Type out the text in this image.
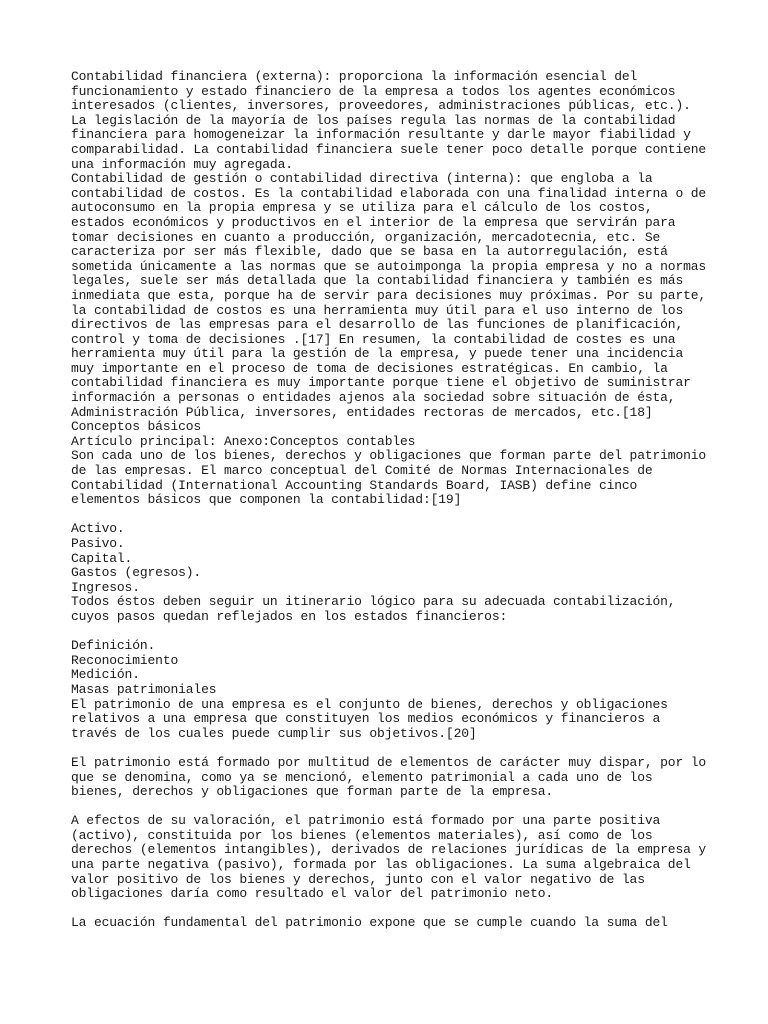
Contabilidad financiera (externa): proporciona la información esencial del
funcionamiento y estado financiero de la empresa a todos los agentes económicos
interesados (clientes, inversores, proveedores, administraciones públicas, etc.).
La legislación de la mayoría de los países regula las normas de la contabilidad
financiera para homogeneizar la información resultante y darle mayor fiabilidad y
comparabilidad. La contabilidad financiera suele tener poco detalle porque contiene
una información muy agregada.
Contabilidad de gestión o contabilidad directiva (interna): que engloba a la
contabilidad de costos. Es la contabilidad elaborada con una finalidad interna o de
autoconsumo en la propia empresa y se utiliza para el cálculo de los costos,
estados económicos y productivos en el interior de la empresa que servirán para
tomar decisiones en cuanto a producción, organización, mercadotecnia, etc. Se
caracteriza por ser más flexible, dado que se basa en la autorregulación, está
sometida únicamente a las normas que se autoimponga la propia empresa y no a normas
legales, suele ser más detallada que la contabilidad financiera y también es más
inmediata que esta, porque ha de servir para decisiones muy próximas. Por su parte,
la contabilidad de costos es una herramienta muy útil para el uso interno de los
directivos de las empresas para el desarrollo de las funciones de planificación,
control y toma de decisiones .[17] En resumen, la contabilidad de costes es una
herramienta muy útil para la gestión de la empresa, y puede tener una incidencia
muy importante en el proceso de toma de decisiones estratégicas. En cambio, la
contabilidad financiera es muy importante porque tiene el objetivo de suministrar
información a personas o entidades ajenos ala sociedad sobre situación de ésta,
Administración Pública, inversores, entidades rectoras de mercados, etc.[18]
Conceptos básicos
Artículo principal: Anexo:Conceptos contables
Son cada uno de los bienes, derechos y obligaciones que forman parte del patrimonio
de las empresas. El marco conceptual del Comité de Normas Internacionales de
Contabilidad (International Accounting Standards Board, IASB) define cinco
elementos básicos que componen la contabilidad:[19]
Activo.
Pasivo.
Capital.
Gastos (egresos).
Ingresos.
Todos éstos deben seguir un itinerario lógico para su adecuada contabilización,
cuyos pasos quedan reflejados en los estados financieros:
Definición.
Reconocimiento
Medición.
Masas patrimoniales
El patrimonio de una empresa es el conjunto de bienes, derechos y obligaciones
relativos a una empresa que constituyen los medios económicos y financieros a
través de los cuales puede cumplir sus objetivos.[20]
El patrimonio está formado por multitud de elementos de carácter muy dispar, por lo
que se denomina, como ya se mencionó, elemento patrimonial a cada uno de los
bienes, derechos y obligaciones que forman parte de la empresa.
A efectos de su valoración, el patrimonio está formado por una parte positiva
(activo), constituida por los bienes (elementos materiales), así como de los
derechos (elementos intangibles), derivados de relaciones jurídicas de la empresa y
una parte negativa (pasivo), formada por las obligaciones. La suma algebraica del
valor positivo de los bienes y derechos, junto con el valor negativo de las
obligaciones daría como resultado el valor del patrimonio neto.
La ecuación fundamental del patrimonio expone que se cumple cuando la suma del
